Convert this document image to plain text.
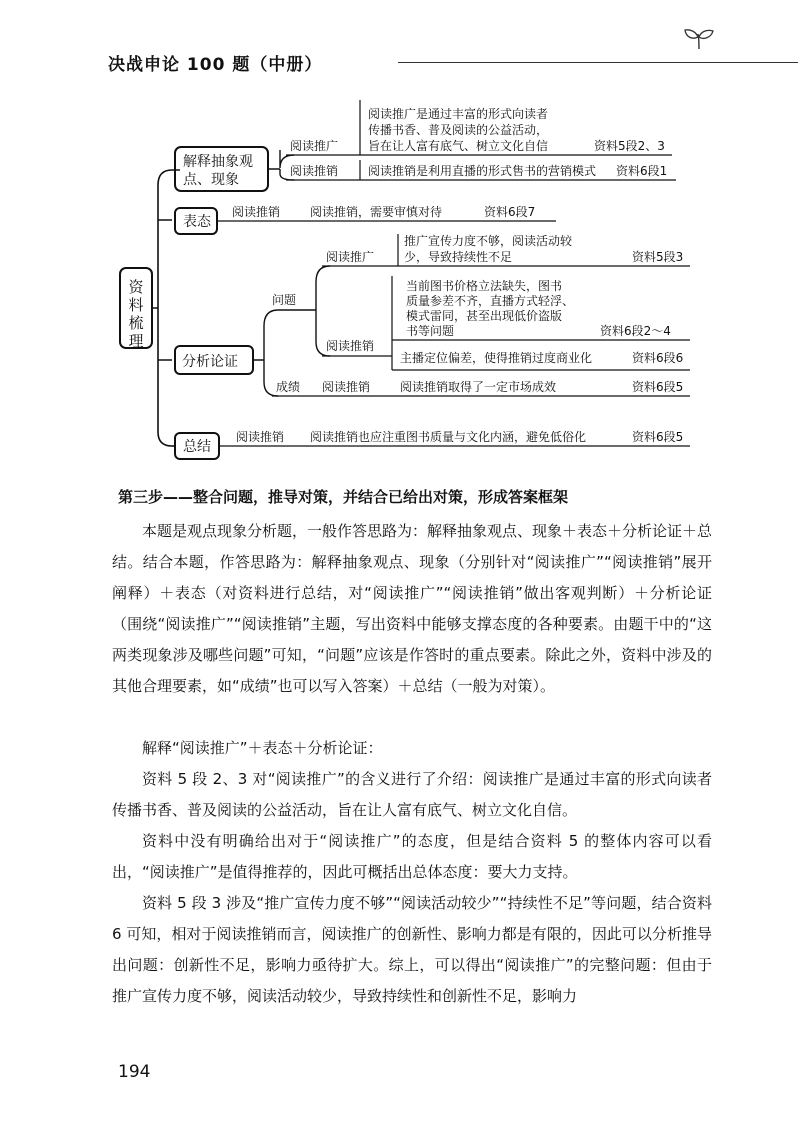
决战申论 100 题（中册）
资
料
梳
理
解释抽象观
点、现象
阅读推广
阅读推广是通过丰富的形式向读者
传播书香、普及阅读的公益活动，
旨在让人富有底气、树立文化自信	资料5段2、3
阅读推销 阅读推销是利用直播的形式售书的营销模式 资料6段1
表态
阅读推销 阅读推销，需要审慎对待	资料6段7
分析论证
问题
阅读推广
推广宣传力度不够，阅读活动较
少，导致持续性不足	资料5段3
阅读推销
当前图书价格立法缺失，图书
质量参差不齐，直播方式轻浮、
模式雷同，甚至出现低价盗版
书等问题	资料6段2～4
主播定位偏差，使得推销过度商业化	资料6段6
成绩 阅读推销 阅读推销取得了一定市场成效	资料6段5
总结
阅读推销 阅读推销也应注重图书质量与文化内涵，避免低俗化	资料6段5
第三步——整合问题，推导对策，并结合已给出对策，形成答案框架
本题是观点现象分析题，一般作答思路为：解释抽象观点、现象＋表态＋分析论证＋总结。结合本题，作答思路为：解释抽象观点、现象（分别针对“阅读推广”“阅读推销”展开阐释）＋表态（对资料进行总结，对“阅读推广”“阅读推销”做出客观判断）＋分析论证（围绕“阅读推广”“阅读推销”主题，写出资料中能够支撑态度的各种要素。由题干中的“这两类现象涉及哪些问题”可知，“问题”应该是作答时的重点要素。除此之外，资料中涉及的其他合理要素，如“成绩”也可以写入答案）＋总结（一般为对策）。
解释“阅读推广”＋表态＋分析论证：
资料 5 段 2、3 对“阅读推广”的含义进行了介绍：阅读推广是通过丰富的形式向读者传播书香、普及阅读的公益活动，旨在让人富有底气、树立文化自信。
资料中没有明确给出对于“阅读推广”的态度，但是结合资料 5 的整体内容可以看出，“阅读推广”是值得推荐的，因此可概括出总体态度：要大力支持。
资料 5 段 3 涉及“推广宣传力度不够”“阅读活动较少”“持续性不足”等问题，结合资料 6 可知，相对于阅读推销而言，阅读推广的创新性、影响力都是有限的，因此可以分析推导出问题：创新性不足，影响力亟待扩大。综上，可以得出“阅读推广”的完整问题：但由于推广宣传力度不够，阅读活动较少，导致持续性和创新性不足，影响力
194
